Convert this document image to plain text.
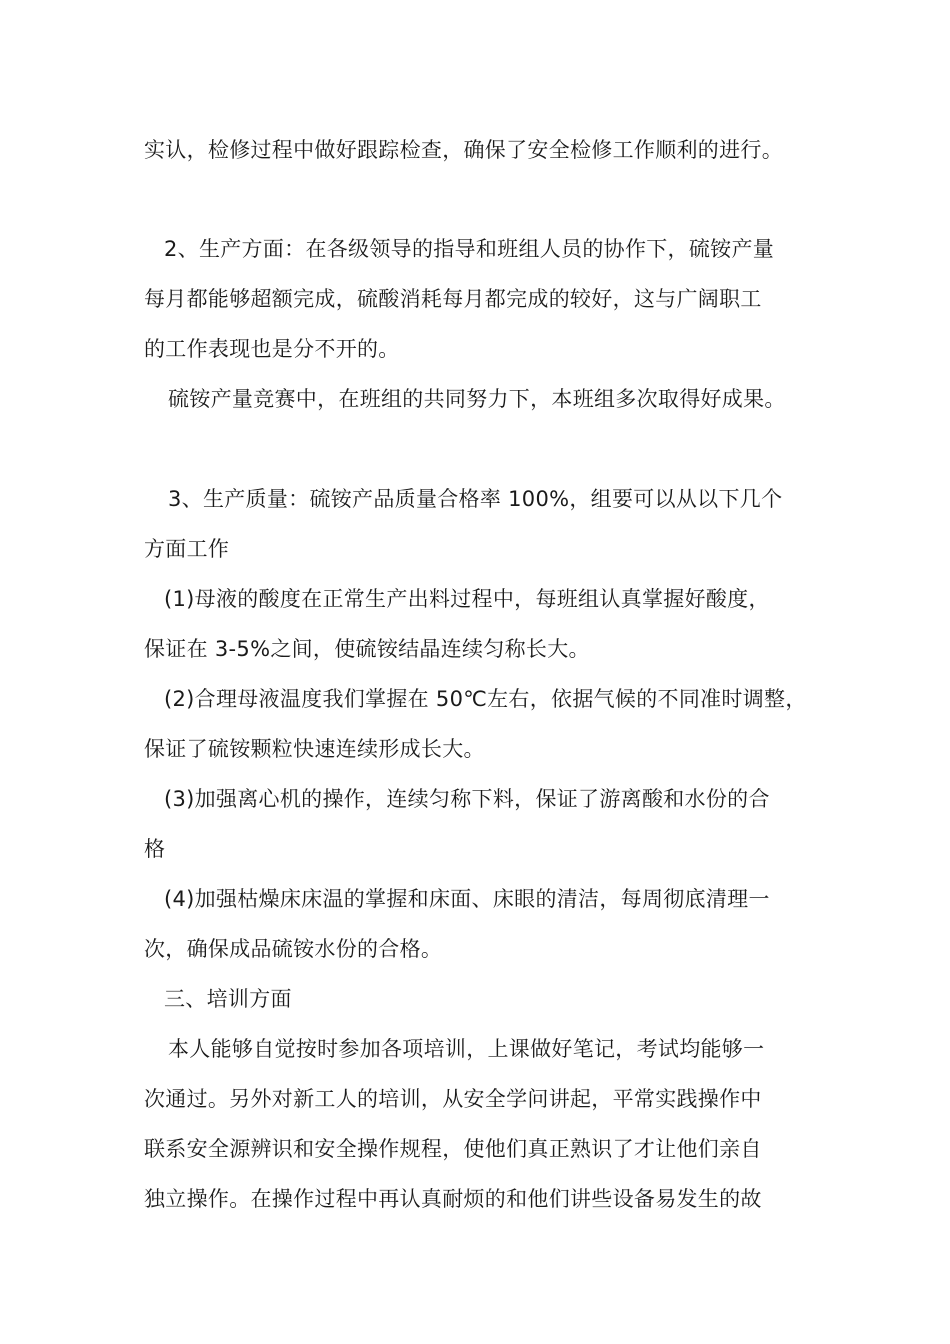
实认，检修过程中做好跟踪检查，确保了安全检修工作顺利的进行。
2、生产方面：在各级领导的指导和班组人员的协作下，硫铵产量
每月都能够超额完成，硫酸消耗每月都完成的较好，这与广阔职工
的工作表现也是分不开的。
硫铵产量竞赛中，在班组的共同努力下，本班组多次取得好成果。
3、生产质量：硫铵产品质量合格率 100%，组要可以从以下几个
方面工作
(1)母液的酸度在正常生产出料过程中，每班组认真掌握好酸度，
保证在 3-5%之间，使硫铵结晶连续匀称长大。
(2)合理母液温度我们掌握在 50℃左右，依据气候的不同准时调整，
保证了硫铵颗粒快速连续形成长大。
(3)加强离心机的操作，连续匀称下料，保证了游离酸和水份的合
格
(4)加强枯燥床床温的掌握和床面、床眼的清洁，每周彻底清理一
次，确保成品硫铵水份的合格。
三、培训方面
本人能够自觉按时参加各项培训，上课做好笔记，考试均能够一
次通过。另外对新工人的培训，从安全学问讲起，平常实践操作中
联系安全源辨识和安全操作规程，使他们真正熟识了才让他们亲自
独立操作。在操作过程中再认真耐烦的和他们讲些设备易发生的故
